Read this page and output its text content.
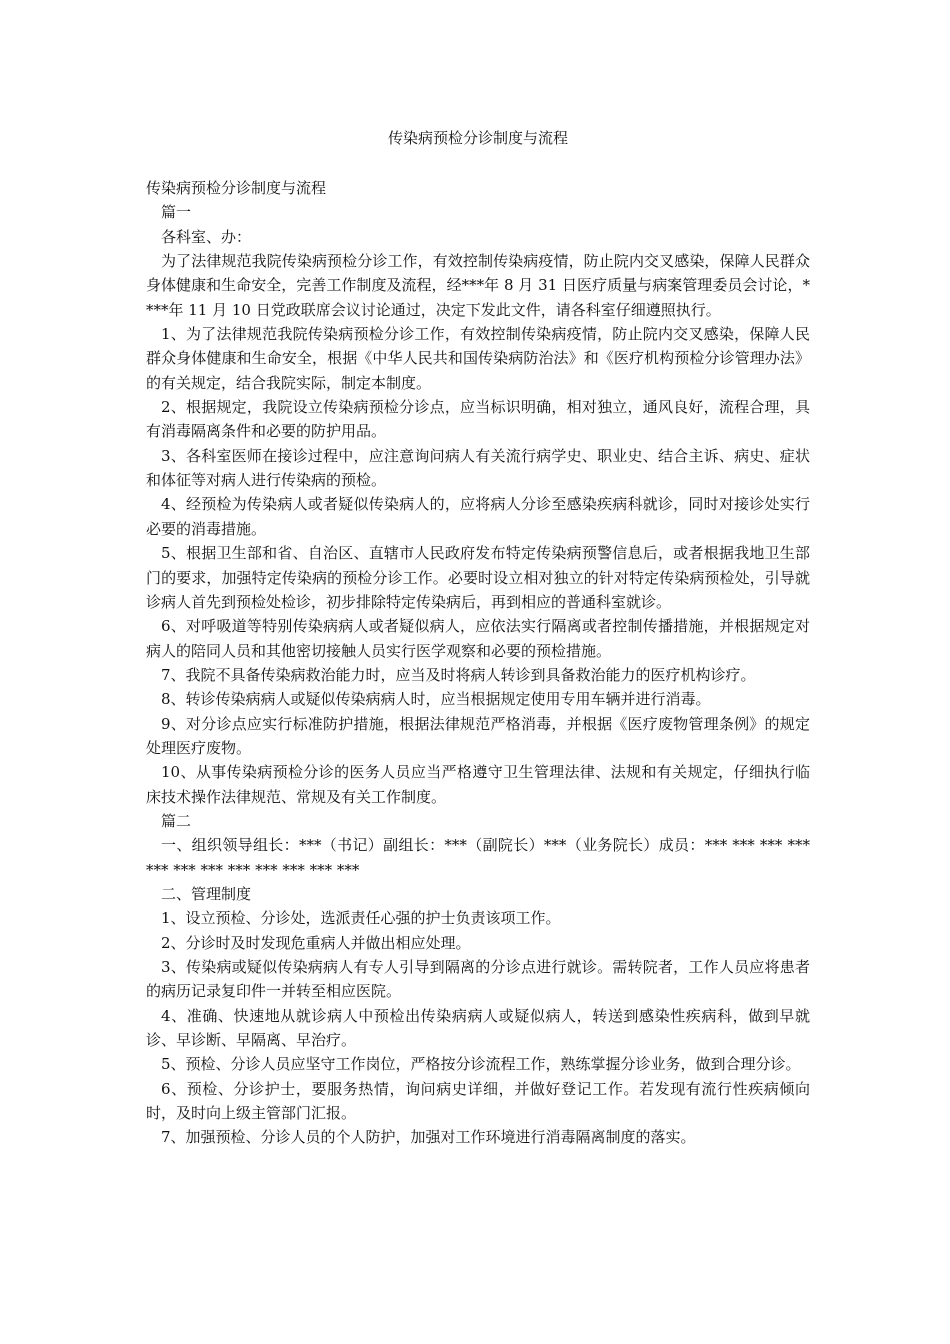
传染病预检分诊制度与流程

传染病预检分诊制度与流程

篇一

各科室、办：

为了法律规范我院传染病预检分诊工作，有效控制传染病疫情，防止院内交叉感染，保障人民群众身体健康和生命安全，完善工作制度及流程，经***年 8 月 31 日医疗质量与病案管理委员会讨论，****年 11 月 10 日党政联席会议讨论通过，决定下发此文件，请各科室仔细遵照执行。

1、为了法律规范我院传染病预检分诊工作，有效控制传染病疫情，防止院内交叉感染，保障人民群众身体健康和生命安全，根据《中华人民共和国传染病防治法》和《医疗机构预检分诊管理办法》的有关规定，结合我院实际，制定本制度。

2、根据规定，我院设立传染病预检分诊点，应当标识明确，相对独立，通风良好，流程合理，具有消毒隔离条件和必要的防护用品。

3、各科室医师在接诊过程中，应注意询问病人有关流行病学史、职业史、结合主诉、病史、症状和体征等对病人进行传染病的预检。

4、经预检为传染病人或者疑似传染病人的，应将病人分诊至感染疾病科就诊，同时对接诊处实行必要的消毒措施。

5、根据卫生部和省、自治区、直辖市人民政府发布特定传染病预警信息后，或者根据我地卫生部门的要求，加强特定传染病的预检分诊工作。必要时设立相对独立的针对特定传染病预检处，引导就诊病人首先到预检处检诊，初步排除特定传染病后，再到相应的普通科室就诊。

6、对呼吸道等特别传染病病人或者疑似病人，应依法实行隔离或者控制传播措施，并根据规定对病人的陪同人员和其他密切接触人员实行医学观察和必要的预检措施。

7、我院不具备传染病救治能力时，应当及时将病人转诊到具备救治能力的医疗机构诊疗。

8、转诊传染病病人或疑似传染病病人时，应当根据规定使用专用车辆并进行消毒。

9、对分诊点应实行标准防护措施，根据法律规范严格消毒，并根据《医疗废物管理条例》的规定处理医疗废物。

10、从事传染病预检分诊的医务人员应当严格遵守卫生管理法律、法规和有关规定，仔细执行临床技术操作法律规范、常规及有关工作制度。

篇二

一、组织领导组长：***（书记）副组长：***（副院长）***（业务院长）成员：*** *** *** *** *** *** *** *** *** *** *** ***

二、管理制度

1、设立预检、分诊处，选派责任心强的护士负责该项工作。

2、分诊时及时发现危重病人并做出相应处理。

3、传染病或疑似传染病病人有专人引导到隔离的分诊点进行就诊。需转院者，工作人员应将患者的病历记录复印件一并转至相应医院。

4、准确、快速地从就诊病人中预检出传染病病人或疑似病人，转送到感染性疾病科，做到早就诊、早诊断、早隔离、早治疗。

5、预检、分诊人员应坚守工作岗位，严格按分诊流程工作，熟练掌握分诊业务，做到合理分诊。

6、预检、分诊护士，要服务热情，询问病史详细，并做好登记工作。若发现有流行性疾病倾向时，及时向上级主管部门汇报。

7、加强预检、分诊人员的个人防护，加强对工作环境进行消毒隔离制度的落实。
